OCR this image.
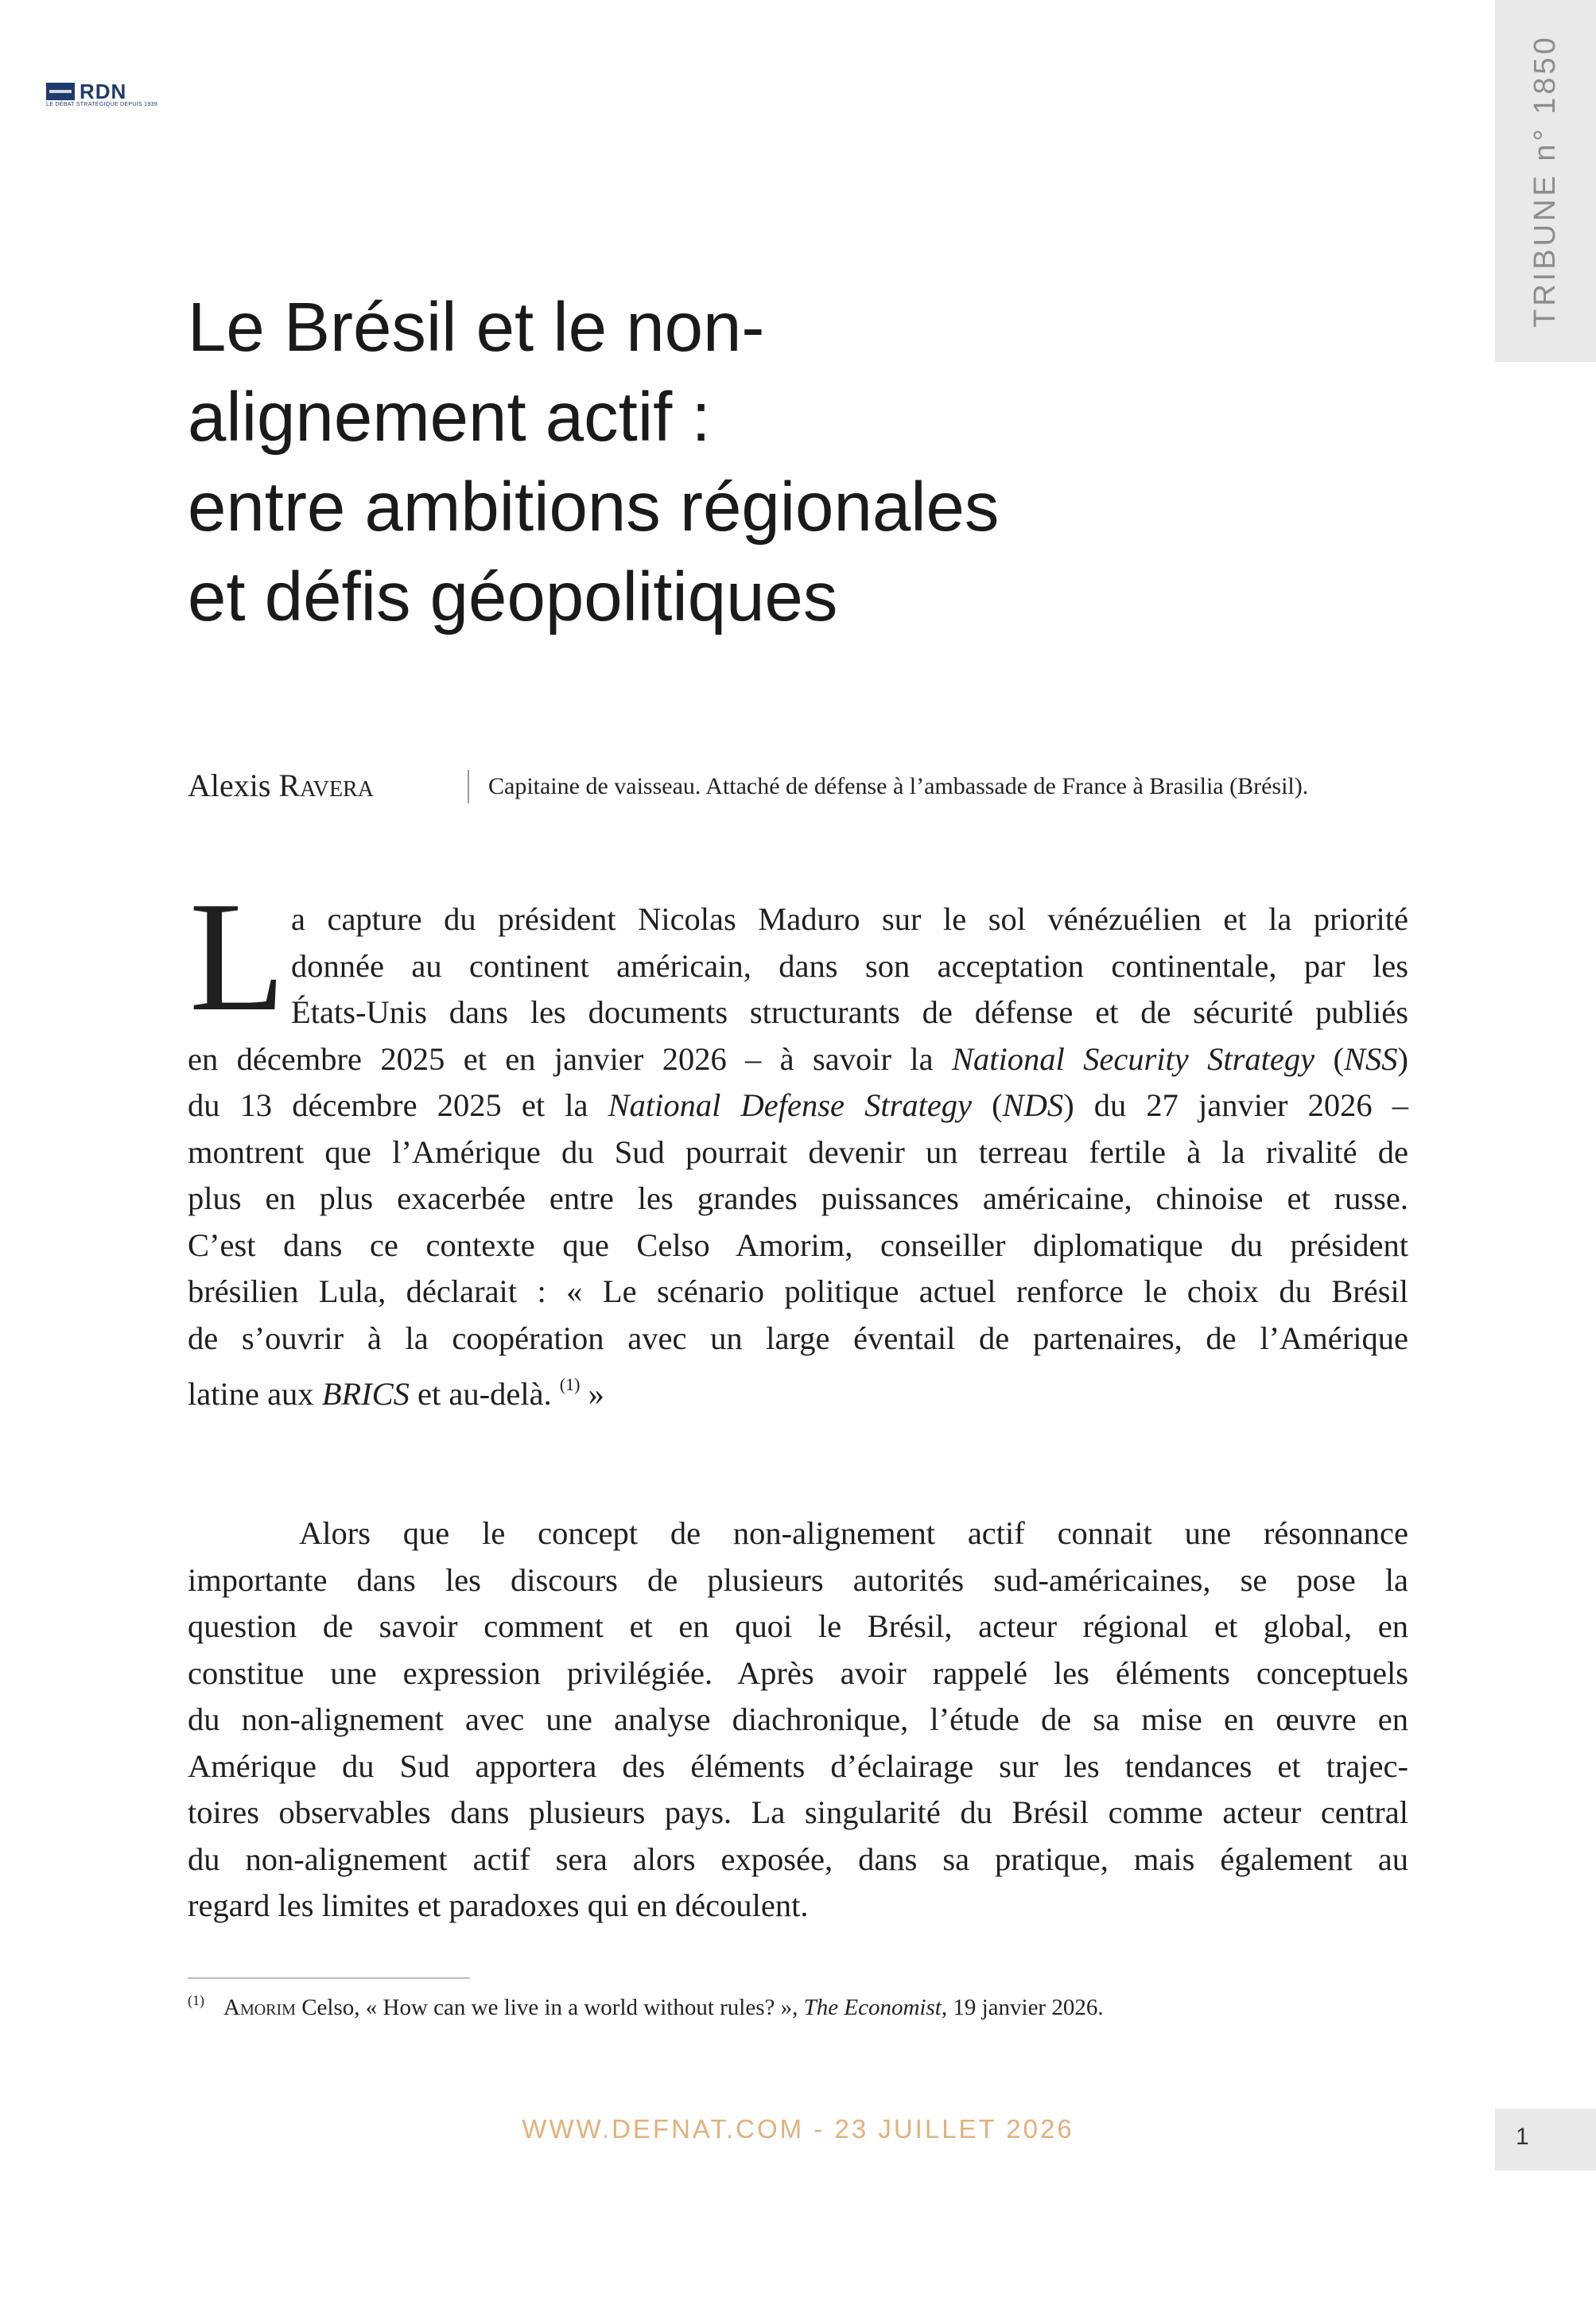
RDN
LE DÉBAT STRATÉGIQUE DEPUIS 1939	TRIBUNE n° 1850
Le Brésil et le non-
alignement actif :
entre ambitions régionales
et défis géopolitiques
Alexis Ravera	Capitaine de vaisseau. Attaché de défense à l’ambassade de France à Brasilia (Brésil).
L a capture du président Nicolas Maduro sur le sol vénézuélien et la priorité
donnée au continent américain, dans son acceptation continentale, par les
États-Unis dans les documents structurants de défense et de sécurité publiés
en décembre 2025 et en janvier 2026 – à savoir la National Security Strategy (NSS)
du 13 décembre 2025 et la National Defense Strategy (NDS) du 27 janvier 2026 –
montrent que l’Amérique du Sud pourrait devenir un terreau fertile à la rivalité de
plus en plus exacerbée entre les grandes puissances américaine, chinoise et russe.
C’est dans ce contexte que Celso Amorim, conseiller diplomatique du président
brésilien Lula, déclarait : « Le scénario politique actuel renforce le choix du Brésil
de s’ouvrir à la coopération avec un large éventail de partenaires, de l’Amérique
latine aux BRICS et au-delà. $^{(1)}$ »
Alors que le concept de non-alignement actif connait une résonnance
importante dans les discours de plusieurs autorités sud-américaines, se pose la
question de savoir comment et en quoi le Brésil, acteur régional et global, en
constitue une expression privilégiée. Après avoir rappelé les éléments conceptuels
du non-alignement avec une analyse diachronique, l’étude de sa mise en œuvre en
Amérique du Sud apportera des éléments d’éclairage sur les tendances et trajec-
toires observables dans plusieurs pays. La singularité du Brésil comme acteur central
du non-alignement actif sera alors exposée, dans sa pratique, mais également au
regard les limites et paradoxes qui en découlent.
$^{(1)}$ Amorim Celso, « How can we live in a world without rules? », The Economist, 19 janvier 2026.
WWW.DEFNAT.COM - 23 JUILLET 2026	1
